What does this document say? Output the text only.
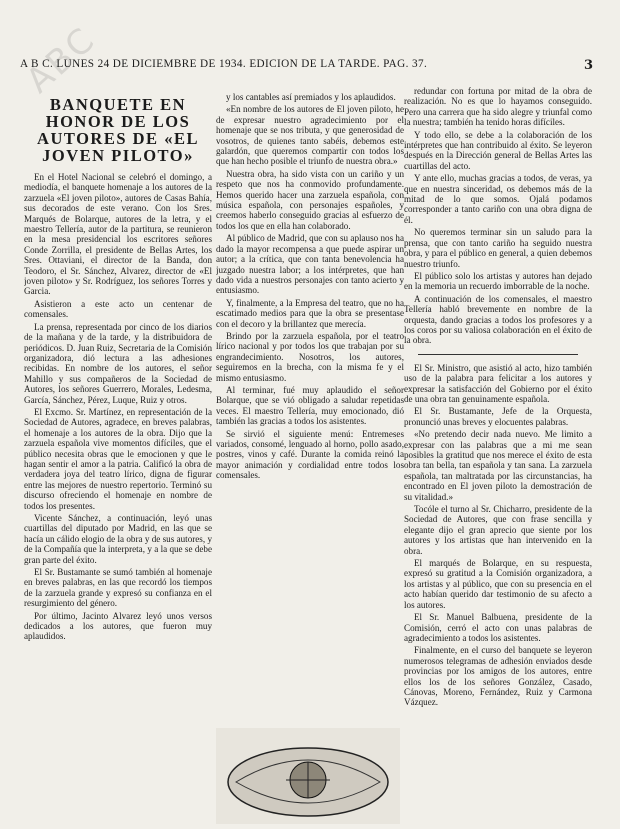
ABC
A B C. LUNES 24 DE DICIEMBRE DE 1934. EDICION DE LA TARDE. PAG. 37.	3
BANQUETE EN HONOR DE LOS AUTORES DE «EL JOVEN PILOTO»

En el Hotel Nacional se celebró el domingo, a mediodía, el banquete homenaje a los autores de la zarzuela «El joven piloto», autores de Casas Bahía, sus decorados de este verano. Con los Sres. Marqués de Bolarque, autores de la letra, y el maestro Tellería, autor de la partitura, se reunieron en la mesa presidencial los escritores señores Conde Zorrilla, el presidente de Bellas Artes, los Sres. Ottaviani, el director de la Banda, don Teodoro, el Sr. Sánchez, Alvarez, director de «El joven piloto» y Sr. Rodríguez, los señores Torres y Garcia.

Asistieron a este acto un centenar de comensales.

La prensa, representada por cinco de los diarios de la mañana y de la tarde, y la distribuidora de periódicos. D. Juan Ruiz, Secretaria de la Comisión organizadora, dió lectura a las adhesiones recibidas. En nombre de los autores, el señor Mahillo y sus compañeros de la Sociedad de Autores, los señores Guerrero, Morales, Ledesma, García, Sánchez, Pérez, Luque, Ruiz y otros.

El Excmo. Sr. Martínez, en representación de la Sociedad de Autores, agradece, en breves palabras, el homenaje a los autores de la obra. Dijo que la zarzuela española vive momentos difíciles, que el público necesita obras que le emocionen y que le hagan sentir el amor a la patria. Calificó la obra de verdadera joya del teatro lírico, digna de figurar entre las mejores de nuestro repertorio. Terminó su discurso ofreciendo el homenaje en nombre de todos los presentes.

Vicente Sánchez, a continuación, leyó unas cuartillas del diputado por Madrid, en las que se hacía un cálido elogio de la obra y de sus autores, y de la Compañía que la interpreta, y a la que se debe gran parte del éxito.

El Sr. Bustamante se sumó también al homenaje en breves palabras, en las que recordó los tiempos de la zarzuela grande y expresó su confianza en el resurgimiento del género.

Por último, Jacinto Alvarez leyó unos versos dedicados a los autores, que fueron muy aplaudidos.

y los cantables así premiados y los aplaudidos.

«En nombre de los autores de El joven piloto, he de expresar nuestro agradecimiento por el homenaje que se nos tributa, y que generosidad de vosotros, de quienes tanto sabéis, debemos este galardón, que queremos compartir con todos los que han hecho posible el triunfo de nuestra obra.»

Nuestra obra, ha sido vista con un cariño y un respeto que nos ha conmovido profundamente. Hemos querido hacer una zarzuela española, con música española, con personajes españoles, y creemos haberlo conseguido gracias al esfuerzo de todos los que en ella han colaborado.

Al público de Madrid, que con su aplauso nos ha dado la mayor recompensa a que puede aspirar un autor; a la crítica, que con tanta benevolencia ha juzgado nuestra labor; a los intérpretes, que han dado vida a nuestros personajes con tanto acierto y entusiasmo.

Y, finalmente, a la Empresa del teatro, que no ha escatimado medios para que la obra se presentase con el decoro y la brillantez que merecía.

Brindo por la zarzuela española, por el teatro lírico nacional y por todos los que trabajan por su engrandecimiento. Nosotros, los autores, seguiremos en la brecha, con la misma fe y el mismo entusiasmo.

Al terminar, fué muy aplaudido el señor Bolarque, que se vió obligado a saludar repetidas veces. El maestro Tellería, muy emocionado, dió también las gracias a todos los asistentes.

Se sirvió el siguiente menú: Entremeses variados, consomé, lenguado al horno, pollo asado, postres, vinos y café. Durante la comida reinó la mayor animación y cordialidad entre todos los comensales.

redundar con fortuna por mitad de la obra de realización. No es que lo hayamos conseguido. Pero una carrera que ha sido alegre y triunfal como la nuestra; también ha tenido horas difíciles.

Y todo ello, se debe a la colaboración de los intérpretes que han contribuido al éxito. Se leyeron después en la Dirección general de Bellas Artes las cuartillas del acto.

Y ante ello, muchas gracias a todos, de veras, ya que en nuestra sinceridad, os debemos más de la mitad de lo que somos. Ojalá podamos corresponder a tanto cariño con una obra digna de él.

No queremos terminar sin un saludo para la prensa, que con tanto cariño ha seguido nuestra obra, y para el público en general, a quien debemos nuestro triunfo.

El público solo los artistas y autores han dejado en la memoria un recuerdo imborrable de la noche.

A continuación de los comensales, el maestro Tellería habló brevemente en nombre de la orquesta, dando gracias a todos los profesores y a los coros por su valiosa colaboración en el éxito de la obra.

El Sr. Ministro, que asistió al acto, hizo también uso de la palabra para felicitar a los autores y expresar la satisfacción del Gobierno por el éxito de una obra tan genuinamente española.

El Sr. Bustamante, Jefe de la Orquesta, pronunció unas breves y elocuentes palabras.

«No pretendo decir nada nuevo. Me limito a expresar con las palabras que a mi me sean posibles la gratitud que nos merece el éxito de esta obra tan bella, tan española y tan sana. La zarzuela española, tan maltratada por las circunstancias, ha encontrado en El joven piloto la demostración de su vitalidad.»

Tocóle el turno al Sr. Chicharro, presidente de la Sociedad de Autores, que con frase sencilla y elegante dijo el gran aprecio que siente por los autores y los artistas que han intervenido en la obra.

El marqués de Bolarque, en su respuesta, expresó su gratitud a la Comisión organizadora, a los artistas y al público, que con su presencia en el acto habían querido dar testimonio de su afecto a los autores.

El Sr. Manuel Balbuena, presidente de la Comisión, cerró el acto con unas palabras de agradecimiento a todos los asistentes.

Finalmente, en el curso del banquete se leyeron numerosos telegramas de adhesión enviados desde provincias por los amigos de los autores, entre ellos los de los señores González, Casado, Cánovas, Moreno, Fernández, Ruiz y Carmona Vázquez.
